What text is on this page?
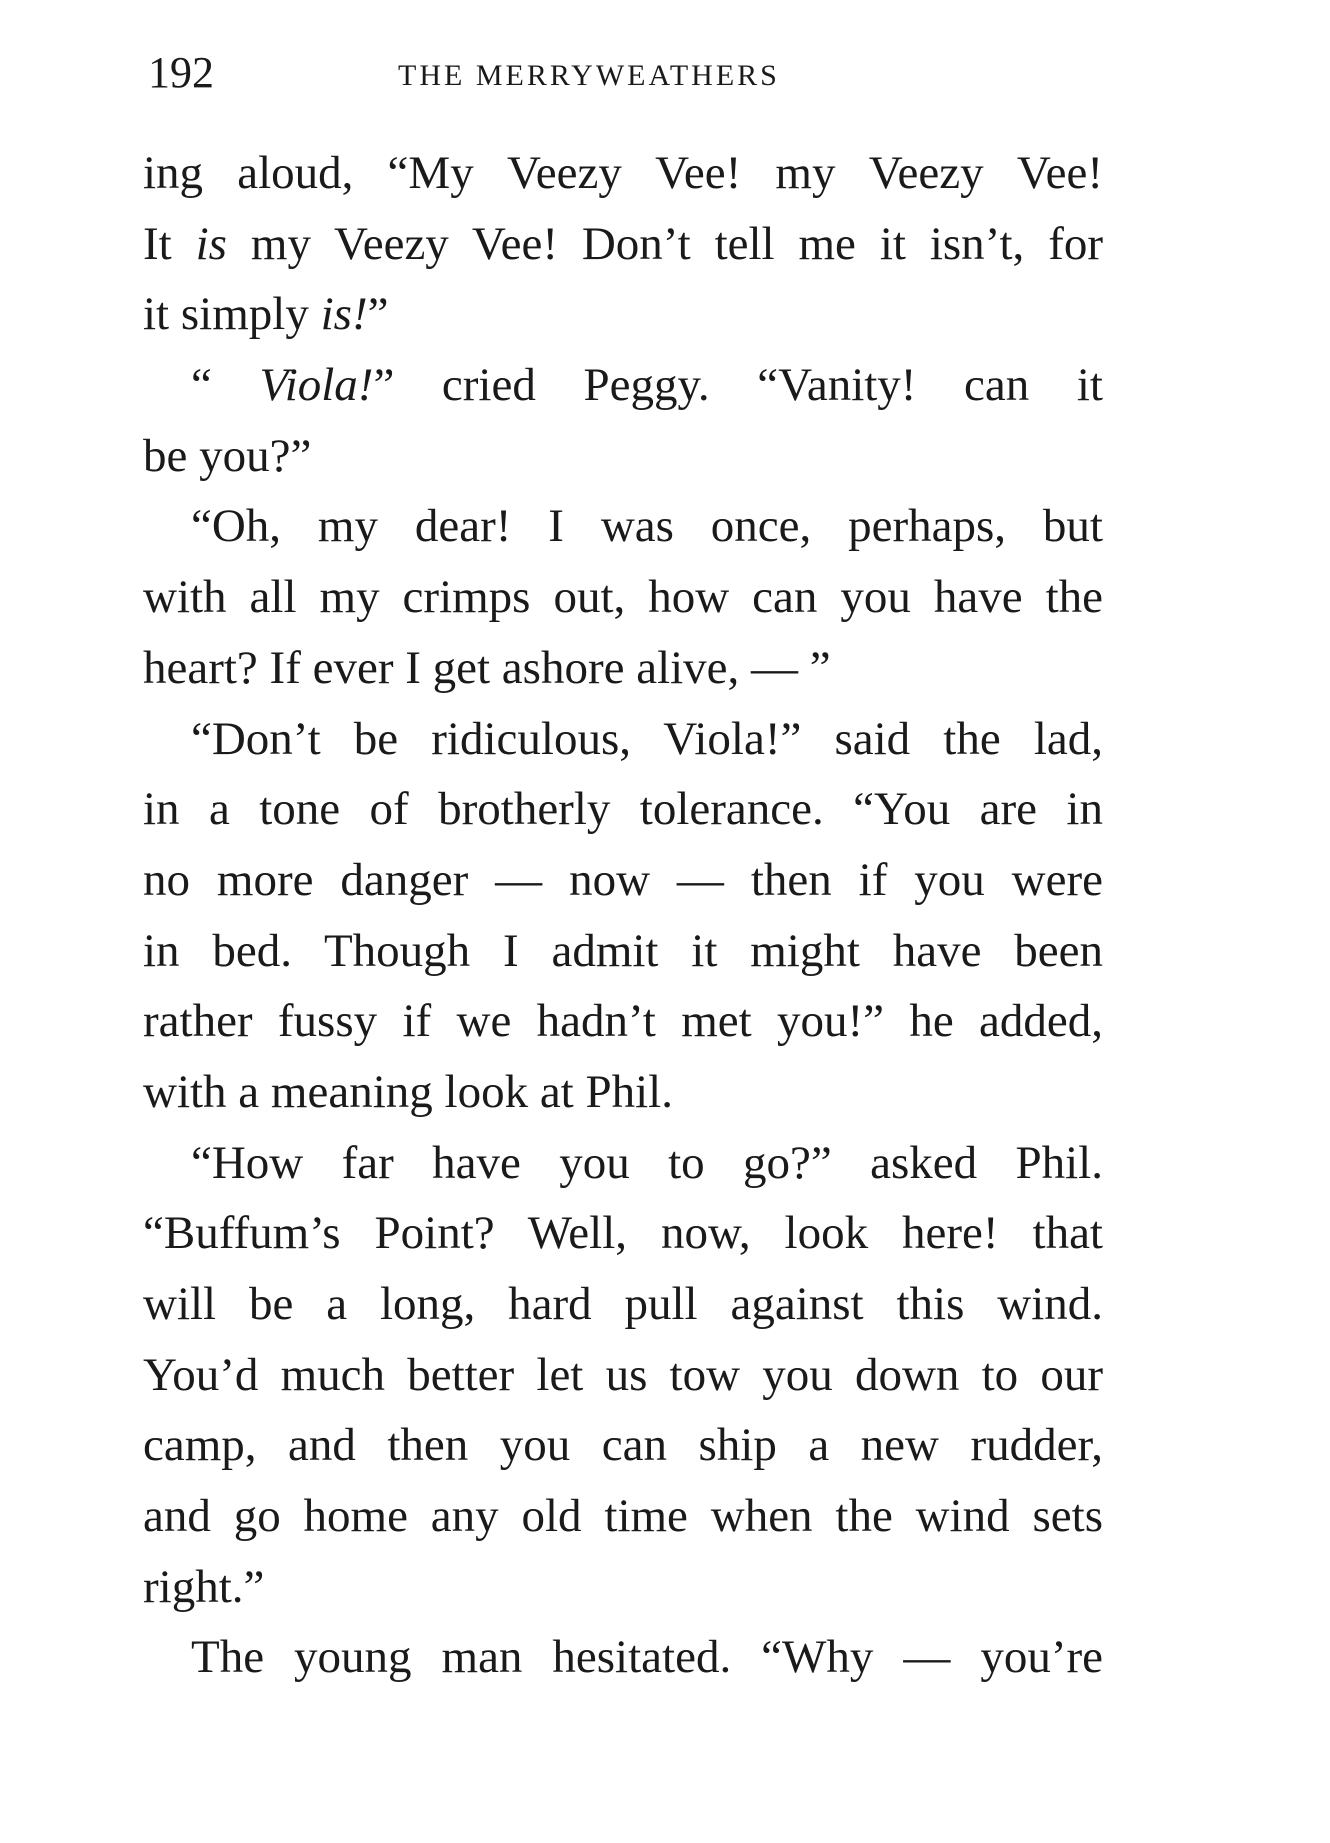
192	THE MERRYWEATHERS
ing aloud, “My Veezy Vee! my Veezy Vee!
It is my Veezy Vee! Don’t tell me it isn’t, for
it simply is!”
“ Viola!” cried Peggy. “Vanity! can it
be you?”
“Oh, my dear! I was once, perhaps, but
with all my crimps out, how can you have the
heart? If ever I get ashore alive, — ”
“Don’t be ridiculous, Viola!” said the lad,
in a tone of brotherly tolerance. “You are in
no more danger — now — then if you were
in bed. Though I admit it might have been
rather fussy if we hadn’t met you!” he added,
with a meaning look at Phil.
“How far have you to go?” asked Phil.
“Buffum’s Point? Well, now, look here! that
will be a long, hard pull against this wind.
You’d much better let us tow you down to our
camp, and then you can ship a new rudder,
and go home any old time when the wind sets
right.”
The young man hesitated. “Why — you’re
